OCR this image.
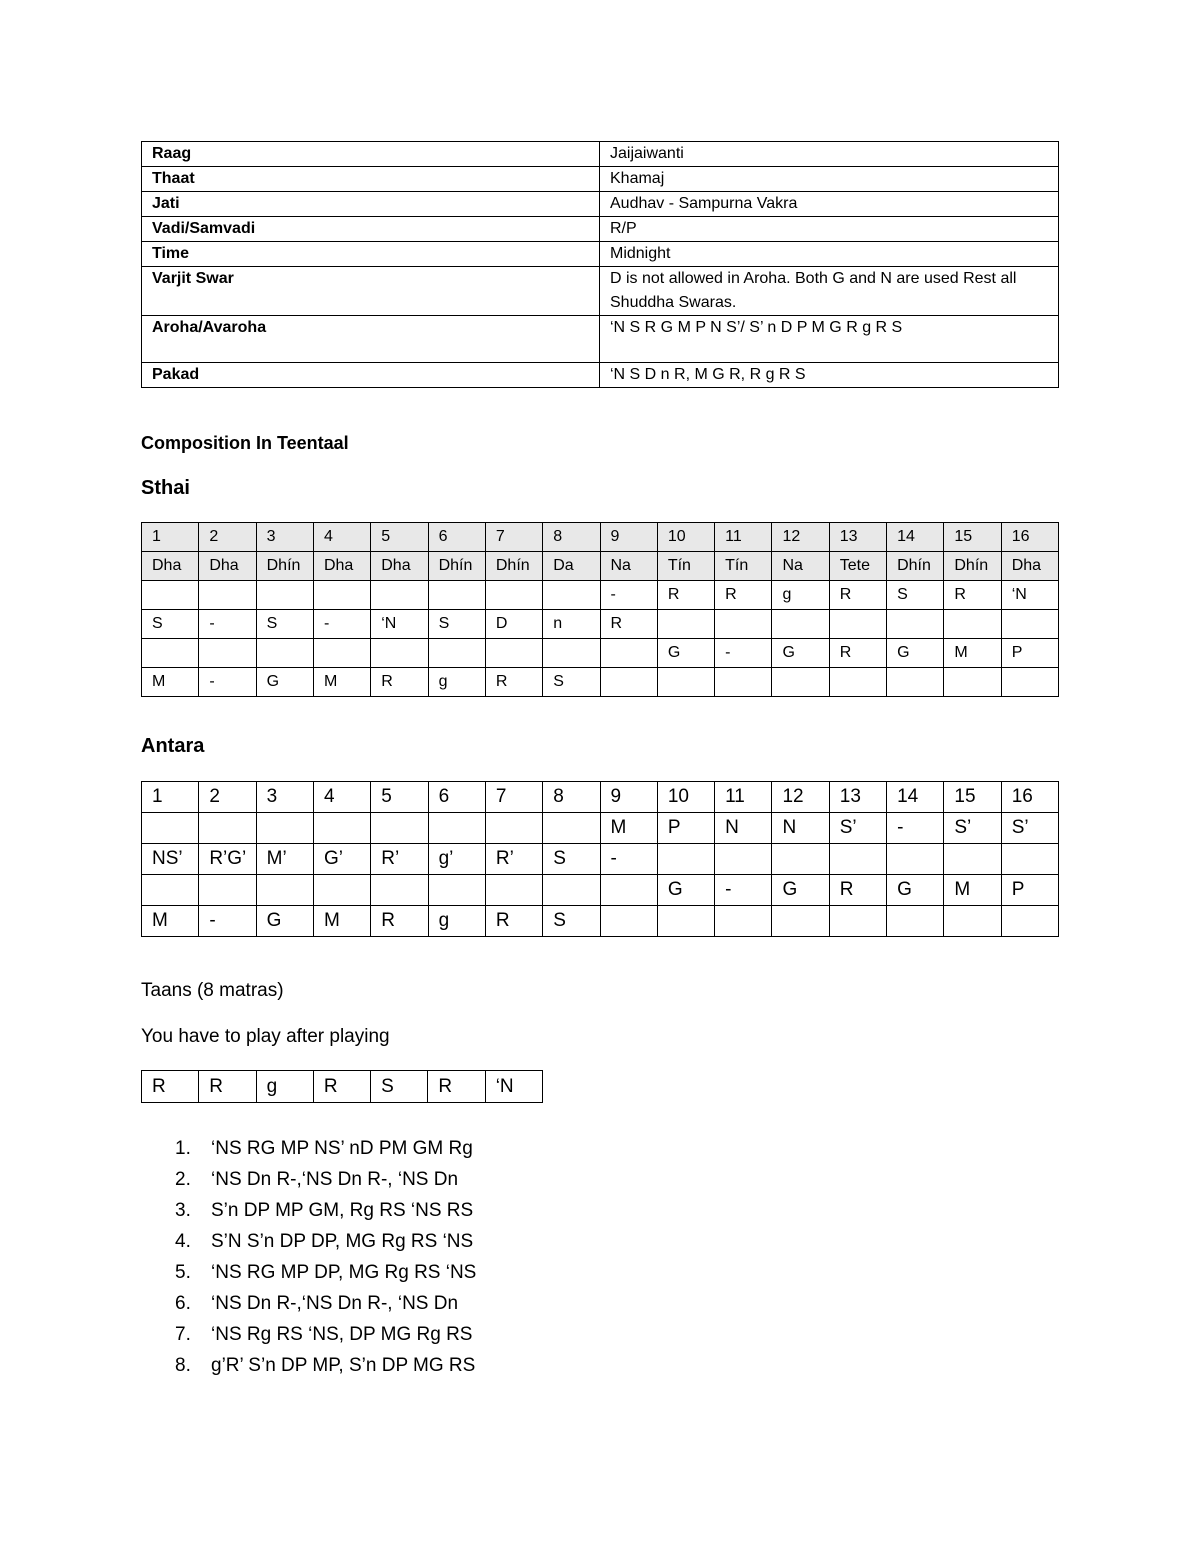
Raag	Jaijaiwanti
Thaat	Khamaj
Jati	Audhav - Sampurna Vakra
Vadi/Samvadi	R/P
Time	Midnight
Varjit Swar	D is not allowed in Aroha. Both G and N are used Rest all Shuddha Swaras.
Aroha/Avaroha	‘N S R G M P N S’/ S’ n D P M G R g R S
Pakad	‘N S D n R, M G R, R g R S

Composition In Teentaal

Sthai

1	2	3	4	5	6	7	8	9	10	11	12	13	14	15	16
Dha	Dha	Dhín	Dha	Dha	Dhín	Dhín	Da	Na	Tín	Tín	Na	Tete	Dhín	Dhín	Dha
								-	R	R	g	R	S	R	‘N
S	-	S	-	‘N	S	D	n	R							
									G	-	G	R	G	M	P
M	-	G	M	R	g	R	S								

Antara

1	2	3	4	5	6	7	8	9	10	11	12	13	14	15	16
								M	P	N	N	S’	-	S’	S’
NS’	R’G’	M’	G’	R’	g’	R’	S	-							
									G	-	G	R	G	M	P
M	-	G	M	R	g	R	S								

Taans (8 matras)

You have to play after playing

R	R	g	R	S	R	‘N
1. ‘NS RG MP NS’ nD PM GM Rg
2. ‘NS Dn R-,‘NS Dn R-, ‘NS Dn
3. S’n DP MP GM, Rg RS ‘NS RS
4. S’N S’n DP DP, MG Rg RS ‘NS
5. ‘NS RG MP DP, MG Rg RS ‘NS
6. ‘NS Dn R-,‘NS Dn R-, ‘NS Dn
7. ‘NS Rg RS ‘NS, DP MG Rg RS
8. g’R’ S’n DP MP, S’n DP MG RS
